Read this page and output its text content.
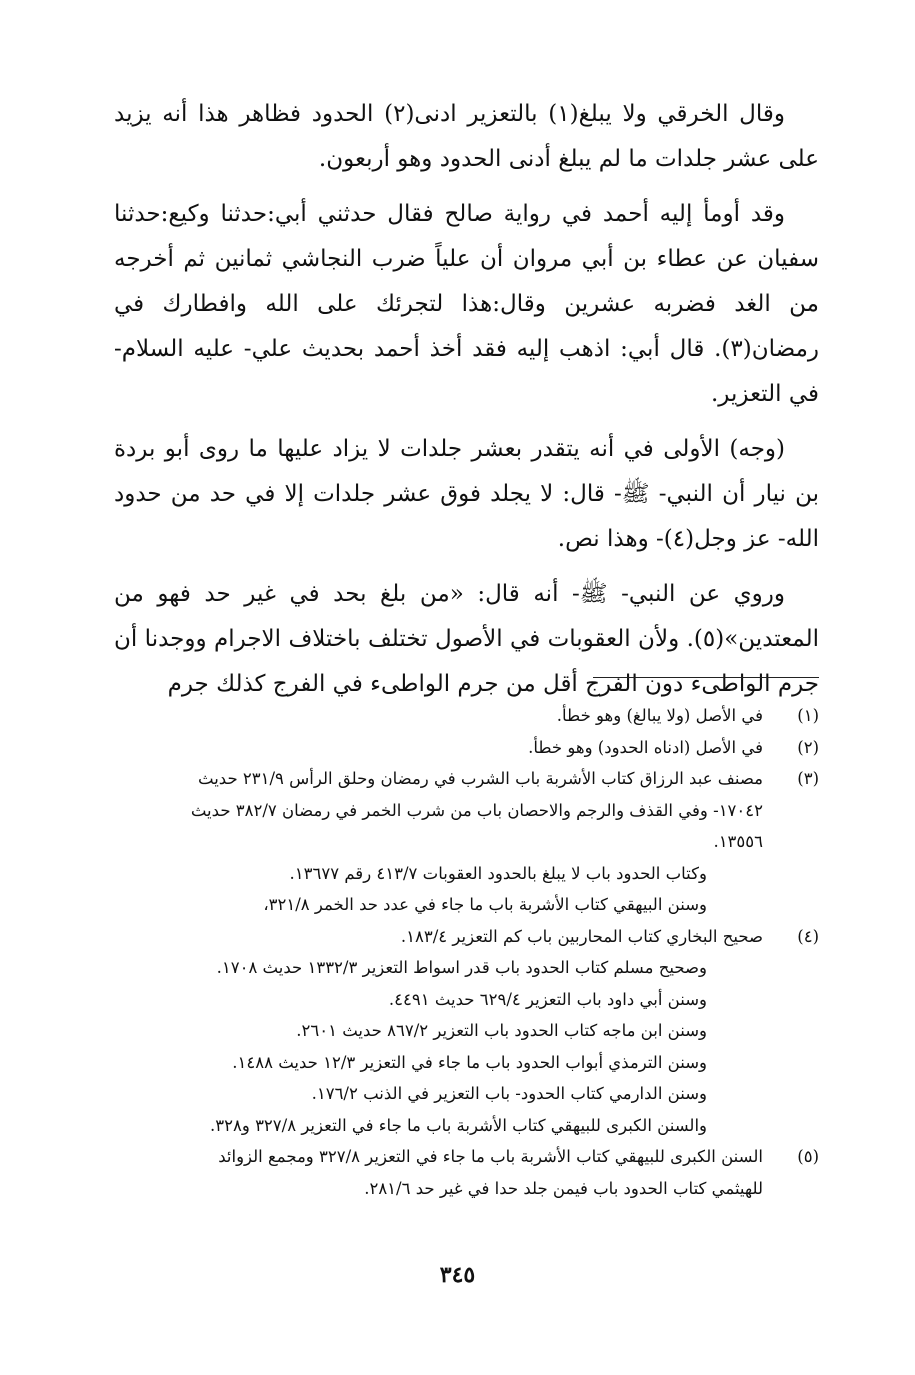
وقال الخرقي ولا يبلغ(١) بالتعزير ادنى(٢) الحدود فظاهر هذا أنه يزيد على عشر جلدات ما لم يبلغ أدنى الحدود وهو أربعون.

وقد أومأ إليه أحمد في رواية صالح فقال حدثني أبي:حدثنا وكيع:حدثنا سفيان عن عطاء بن أبي مروان أن علياً ضرب النجاشي ثمانين ثم أخرجه من الغد فضربه عشرين وقال:هذا لتجرئك على الله وافطارك في رمضان(٣). قال أبي: اذهب إليه فقد أخذ أحمد بحديث علي- عليه السلام- في التعزير.

(وجه) الأولى في أنه يتقدر بعشر جلدات لا يزاد عليها ما روى أبو بردة بن نيار أن النبي- ﷺ- قال: لا يجلد فوق عشر جلدات إلا في حد من حدود الله- عز وجل(٤)- وهذا نص.

وروي عن النبي- ﷺ- أنه قال: «من بلغ بحد في غير حد فهو من المعتدين»(٥). ولأن العقوبات في الأصول تختلف باختلاف الاجرام ووجدنا أن جرم الواطىء دون الفرج أقل من جرم الواطىء في الفرج كذلك جرم

(١)
في الأصل (ولا يبالغ) وهو خطأ.
(٢)
في الأصل (ادناه الحدود) وهو خطأ.
(٣)
مصنف عبد الرزاق كتاب الأشربة باب الشرب في رمضان وحلق الرأس ٢٣١/٩ حديث
١٧٠٤٢- وفي القذف والرجم والاحصان باب من شرب الخمر في رمضان ٣٨٢/٧ حديث
١٣٥٥٦.
وكتاب الحدود باب لا يبلغ بالحدود العقوبات ٤١٣/٧ رقم ١٣٦٧٧.
وسنن البيهقي كتاب الأشربة باب ما جاء في عدد حد الخمر ٣٢١/٨،
(٤)
صحيح البخاري كتاب المحاربين باب كم التعزير ١٨٣/٤.
وصحيح مسلم كتاب الحدود باب قدر اسواط التعزير ١٣٣٢/٣ حديث ١٧٠٨.
وسنن أبي داود باب التعزير ٦٢٩/٤ حديث ٤٤٩١.
وسنن ابن ماجه كتاب الحدود باب التعزير ٨٦٧/٢ حديث ٢٦٠١.
وسنن الترمذي أبواب الحدود باب ما جاء في التعزير ١٢/٣ حديث ١٤٨٨.
وسنن الدارمي كتاب الحدود- باب التعزير في الذنب ١٧٦/٢.
والسنن الكبرى للبيهقي كتاب الأشربة باب ما جاء في التعزير ٣٢٧/٨ و٣٢٨.
(٥)
السنن الكبرى للبيهقي كتاب الأشربة باب ما جاء في التعزير ٣٢٧/٨ ومجمع الزوائد
للهيثمي كتاب الحدود باب فيمن جلد حدا في غير حد ٢٨١/٦.
٣٤٥
